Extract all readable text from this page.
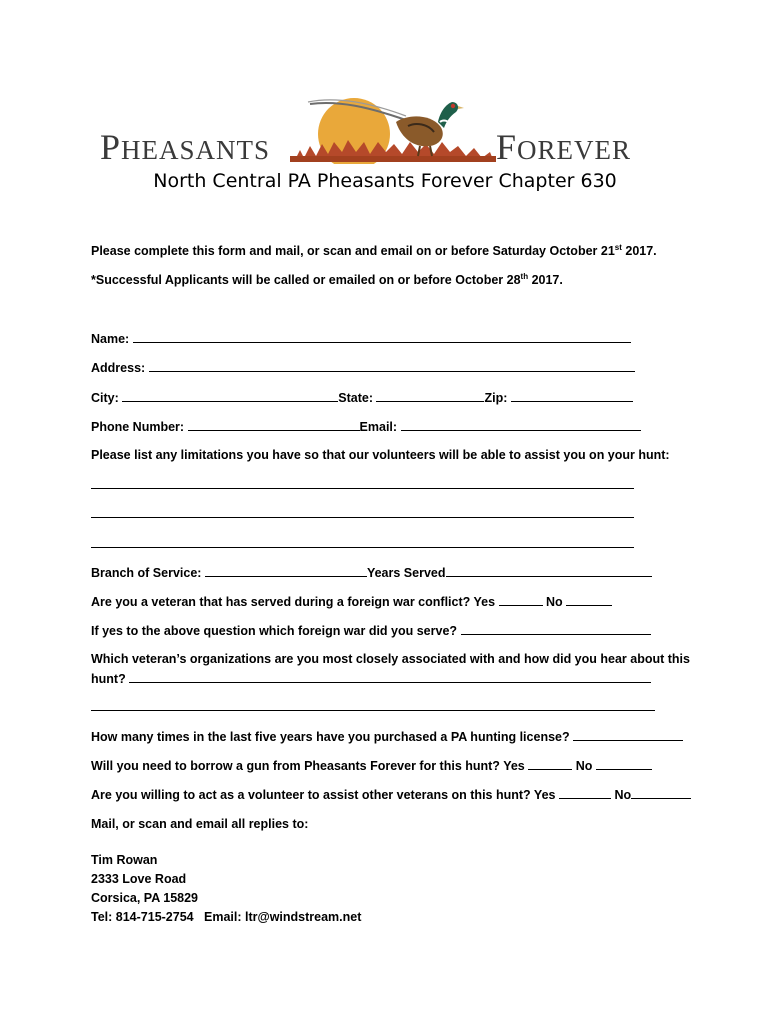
PHEASANTS	FOREVER
North Central PA Pheasants Forever Chapter 630
Please complete this form and mail, or scan and email on or before Saturday October 21st 2017.
*Successful Applicants will be called or emailed on or before October 28th 2017.
Name:
Address:
City:	State:	Zip:
Phone Number:	Email:
Please list any limitations you have so that our volunteers will be able to assist you on your hunt:
Branch of Service:	Years Served
Are you a veteran that has served during a foreign war conflict? Yes	No
If yes to the above question which foreign war did you serve?
Which veteran’s organizations are you most closely associated with and how did you hear about this
hunt?
How many times in the last five years have you purchased a PA hunting license?
Will you need to borrow a gun from Pheasants Forever for this hunt? Yes	No
Are you willing to act as a volunteer to assist other veterans on this hunt? Yes	No
Mail, or scan and email all replies to:
Tim Rowan
2333 Love Road
Corsica, PA 15829
Tel: 814-715-2754   Email: ltr@windstream.net
